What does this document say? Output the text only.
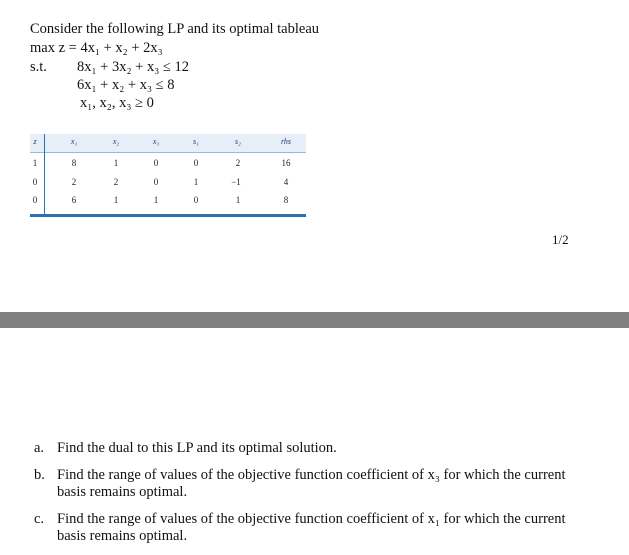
Consider the following LP and its optimal tableau
max z = 4x₁ + x₂ + 2x₃
s.t. 8x₁ + 3x₂ + x₃ ≤ 12
6x₁ + x₂ + x₃ ≤ 8
x₁, x₂, x₃ ≥ 0
z	x₁	x₂	x₃	s₁	s₂	rhs
1	8	1	0	0	2	16
0	2	2	0	1	−1	4
0	6	1	1	0	1	8
1/2
a. Find the dual to this LP and its optimal solution.
b. Find the range of values of the objective function coefficient of x₃ for which the current basis remains optimal.
c. Find the range of values of the objective function coefficient of x₁ for which the current basis remains optimal.
